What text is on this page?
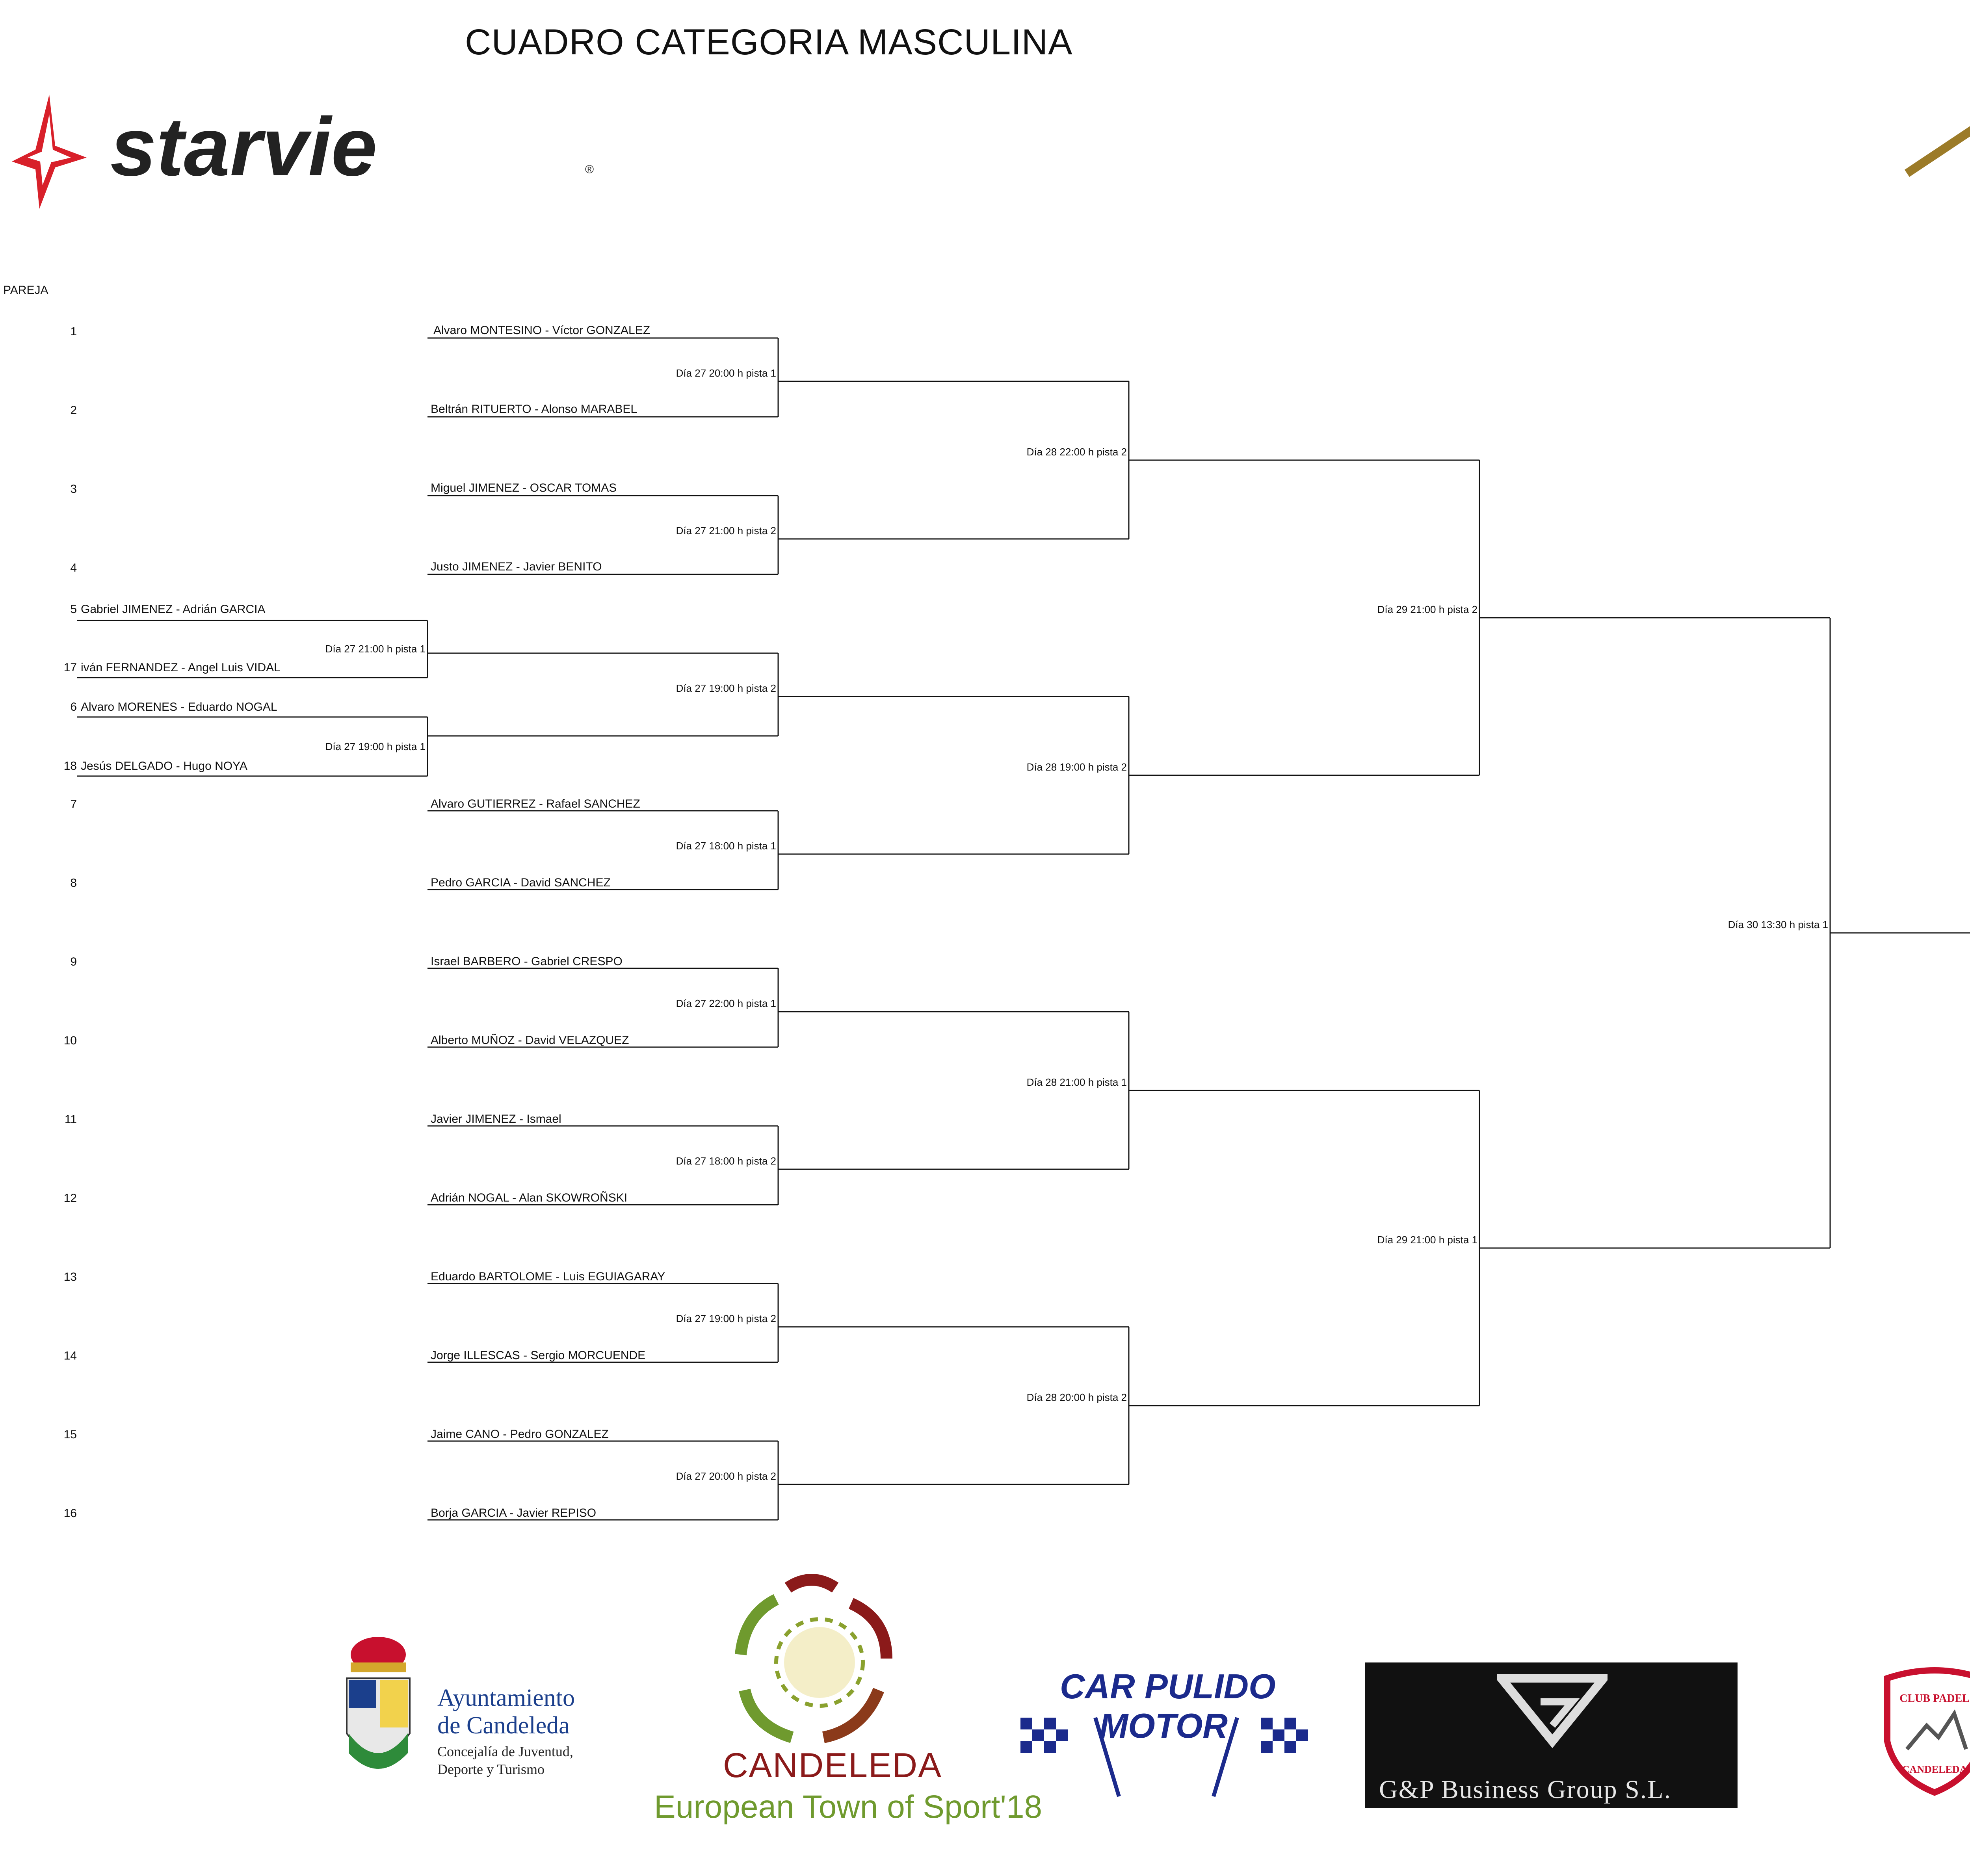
CUADRO CATEGORIA MASCULINA
starvie	®
PAREJA
1
2
3
4
5
17
6
18
7
8
9
10
11
12
13
14
15
16
Alvaro MONTESINO - Víctor GONZALEZ
Beltrán RITUERTO - Alonso MARABEL
Miguel JIMENEZ - OSCAR TOMAS
Justo JIMENEZ - Javier BENITO
Gabriel JIMENEZ - Adrián GARCIA
iván FERNANDEZ - Angel Luis VIDAL
Alvaro MORENES - Eduardo NOGAL
Jesús DELGADO - Hugo NOYA
Alvaro GUTIERREZ - Rafael SANCHEZ
Pedro GARCIA - David SANCHEZ
Israel BARBERO - Gabriel CRESPO
Alberto MUÑOZ - David VELAZQUEZ
Javier JIMENEZ - Ismael
Adrián NOGAL - Alan SKOWROÑSKI
Eduardo BARTOLOME - Luis EGUIAGARAY
Jorge ILLESCAS - Sergio MORCUENDE
Jaime CANO - Pedro GONZALEZ
Borja GARCIA - Javier REPISO
Día 27 21:00 h pista 1
Día 27 19:00 h pista 1
Día 27 20:00 h pista 1
Día 27 21:00 h pista 2
Día 27 19:00 h pista 2
Día 27 18:00 h pista 1
Día 27 22:00 h pista 1
Día 27 18:00 h pista 2
Día 27 19:00 h pista 2
Día 27 20:00 h pista 2
Día 28 22:00 h pista 2
Día 28 19:00 h pista 2
Día 28 21:00 h pista 1
Día 28 20:00 h pista 2
Día 29 21:00 h pista 2
Día 29 21:00 h pista 1
Día 30 13:30 h pista 1
Ayuntamiento
de Candeleda
Concejalía de Juventud,
Deporte y Turismo	CANDELEDA
European Town of Sport'18
CAR PULIDO
MOTOR
G&P Business Group S.L.
CLUB PADEL
CANDELEDA
